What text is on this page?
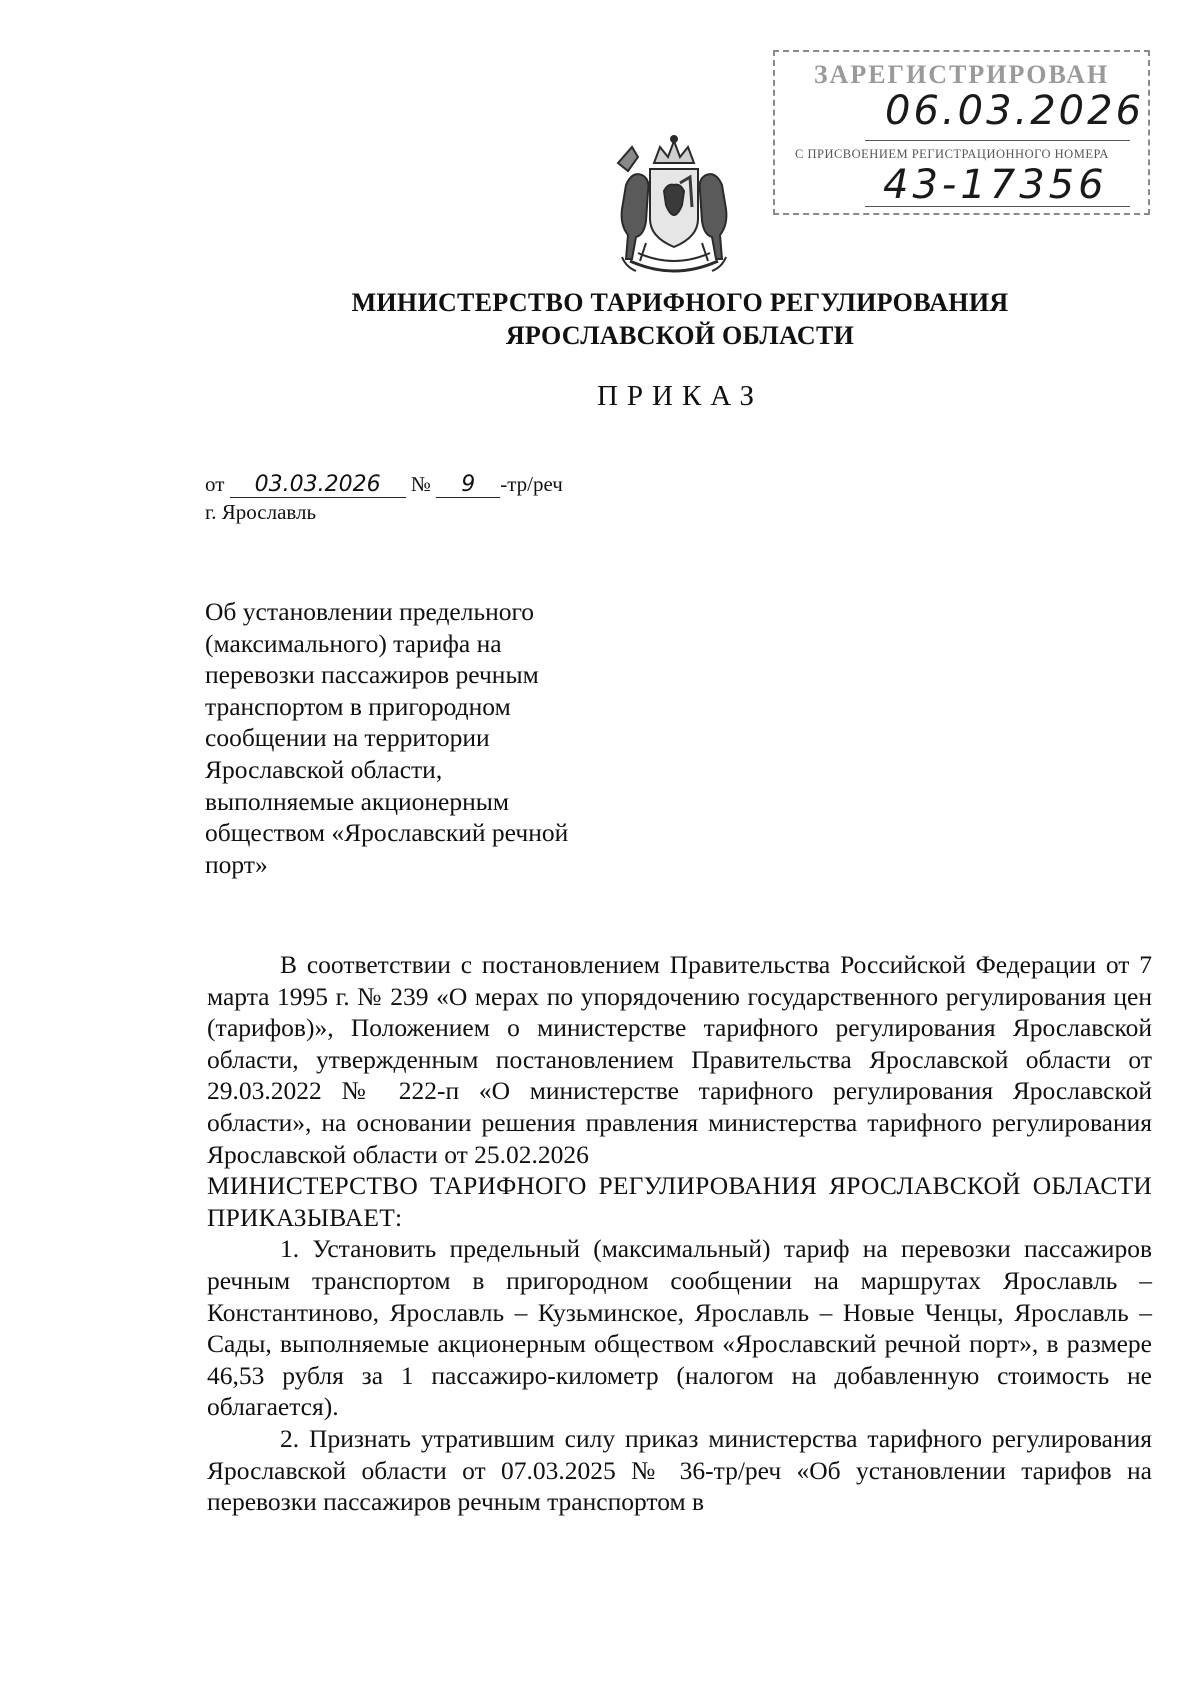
ЗАРЕГИСТРИРОВАН
06.03.2026
С ПРИСВОЕНИЕМ РЕГИСТРАЦИОННОГО НОМЕРА
43-17356
МИНИСТЕРСТВО ТАРИФНОГО РЕГУЛИРОВАНИЯ
ЯРОСЛАВСКОЙ ОБЛАСТИ
ПРИКАЗ
от 03.03.2026 № 9 -тр/реч
г. Ярославль
Об установлении предельного
(максимального) тарифа на
перевозки пассажиров речным
транспортом в пригородном
сообщении на территории
Ярославской области,
выполняемые акционерным
обществом «Ярославский речной
порт»

В соответствии с постановлением Правительства Российской Федерации от 7 марта 1995 г. № 239 «О мерах по упорядочению государственного регулирования цен (тарифов)», Положением о министерстве тарифного регулирования Ярославской области, утвержденным постановлением Правительства Ярославской области от 29.03.2022 № 222-п «О министерстве тарифного регулирования Ярославской области», на основании решения правления министерства тарифного регулирования Ярославской области от 25.02.2026

МИНИСТЕРСТВО ТАРИФНОГО РЕГУЛИРОВАНИЯ ЯРОСЛАВСКОЙ ОБЛАСТИ ПРИКАЗЫВАЕТ:

1. Установить предельный (максимальный) тариф на перевозки пассажиров речным транспортом в пригородном сообщении на маршрутах Ярославль – Константиново, Ярославль – Кузьминское, Ярославль – Новые Ченцы, Ярославль – Сады, выполняемые акционерным обществом «Ярославский речной порт», в размере 46,53 рубля за 1 пассажиро-километр (налогом на добавленную стоимость не облагается).

2. Признать утратившим силу приказ министерства тарифного регулирования Ярославской области от 07.03.2025 № 36-тр/реч «Об установлении тарифов на перевозки пассажиров речным транспортом в
